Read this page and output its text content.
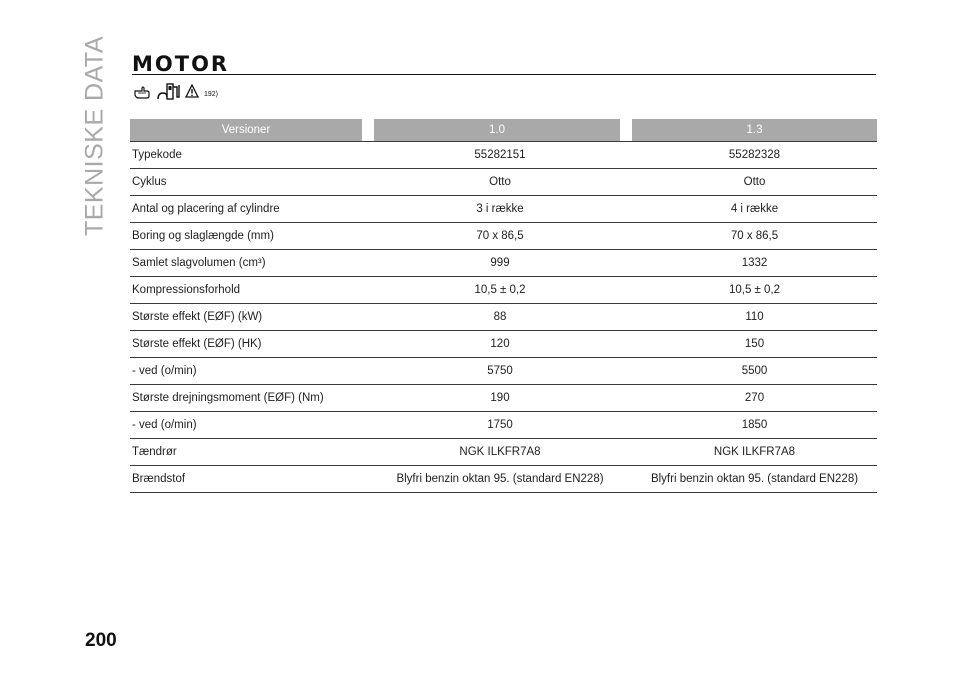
TEKNISKE DATA MOTOR
192)
Versioner	1.0	1.3

Typekode	55282151	55282328
Cyklus	Otto	Otto
Antal og placering af cylindre	3 i række	4 i række
Boring og slaglængde (mm)	70 x 86,5	70 x 86,5
Samlet slagvolumen (cm³)	999	1332
Kompressionsforhold	10,5 ± 0,2	10,5 ± 0,2
Største effekt (EØF) (kW)	88	110
Største effekt (EØF) (HK)	120	150
- ved (o/min)	5750	5500
Største drejningsmoment (EØF) (Nm)	190	270
- ved (o/min)	1750	1850
Tændrør	NGK ILKFR7A8	NGK ILKFR7A8
Brændstof	Blyfri benzin oktan 95. (standard EN228)	Blyfri benzin oktan 95. (standard EN228)
200
